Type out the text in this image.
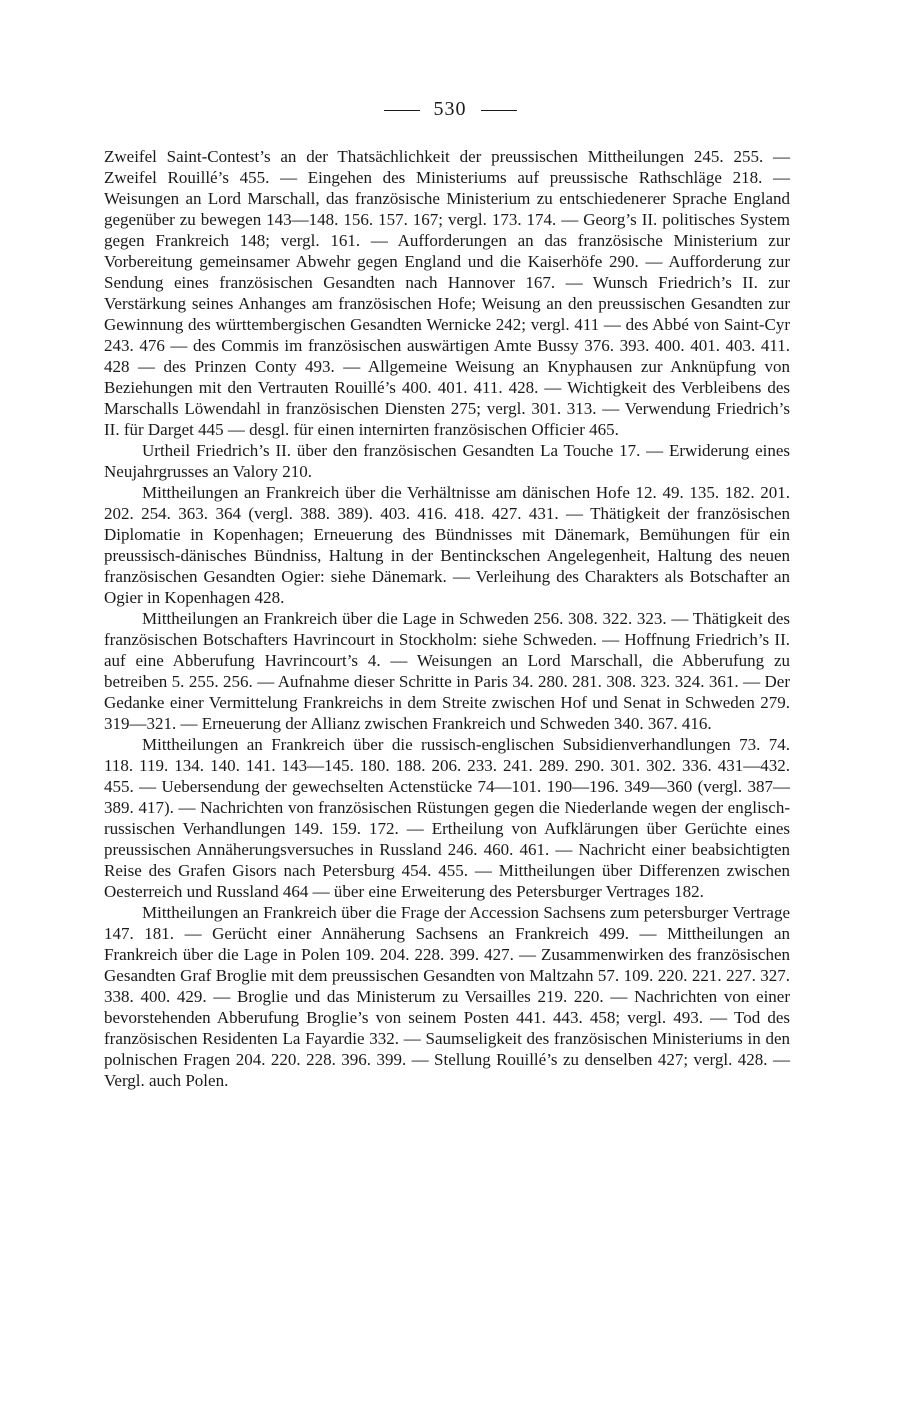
530

Zweifel Saint-Contest’s an der Thatsächlichkeit der preussischen Mittheilungen 245. 255. — Zweifel Rouillé’s 455. — Eingehen des Ministeriums auf preussische Rathschläge 218. — Weisungen an Lord Marschall, das französische Ministerium zu entschiedenerer Sprache England gegenüber zu bewegen 143—148. 156. 157. 167; vergl. 173. 174. — Georg’s II. politisches System gegen Frankreich 148; vergl. 161. — Aufforderungen an das französische Ministerium zur Vorbereitung gemeinsamer Abwehr gegen England und die Kaiserhöfe 290. — Aufforderung zur Sendung eines französischen Gesandten nach Hannover 167. — Wunsch Friedrich’s II. zur Verstärkung seines Anhanges am französischen Hofe; Weisung an den preussischen Gesandten zur Gewinnung des württembergischen Gesandten Wernicke 242; vergl. 411 — des Abbé von Saint-Cyr 243. 476 — des Commis im französischen auswärtigen Amte Bussy 376. 393. 400. 401. 403. 411. 428 — des Prinzen Conty 493. — Allgemeine Weisung an Knyphausen zur Anknüpfung von Beziehungen mit den Vertrauten Rouillé’s 400. 401. 411. 428. — Wichtigkeit des Verbleibens des Marschalls Löwendahl in französischen Diensten 275; vergl. 301. 313. — Verwendung Friedrich’s II. für Darget 445 — desgl. für einen internirten französischen Officier 465.

Urtheil Friedrich’s II. über den französischen Gesandten La Touche 17. — Erwiderung eines Neujahrgrusses an Valory 210.

Mittheilungen an Frankreich über die Verhältnisse am dänischen Hofe 12. 49. 135. 182. 201. 202. 254. 363. 364 (vergl. 388. 389). 403. 416. 418. 427. 431. — Thätigkeit der französischen Diplomatie in Kopenhagen; Erneuerung des Bündnisses mit Dänemark, Bemühungen für ein preussisch-dänisches Bündniss, Haltung in der Bentinckschen Angelegenheit, Haltung des neuen französischen Gesandten Ogier: siehe Dänemark. — Verleihung des Charakters als Botschafter an Ogier in Kopenhagen 428.

Mittheilungen an Frankreich über die Lage in Schweden 256. 308. 322. 323. — Thätigkeit des französischen Botschafters Havrincourt in Stockholm: siehe Schweden. — Hoffnung Friedrich’s II. auf eine Abberufung Havrincourt’s 4. — Weisungen an Lord Marschall, die Abberufung zu betreiben 5. 255. 256. — Aufnahme dieser Schritte in Paris 34. 280. 281. 308. 323. 324. 361. — Der Gedanke einer Vermittelung Frankreichs in dem Streite zwischen Hof und Senat in Schweden 279. 319—321. — Erneuerung der Allianz zwischen Frankreich und Schweden 340. 367. 416.

Mittheilungen an Frankreich über die russisch-englischen Subsidienverhandlungen 73. 74. 118. 119. 134. 140. 141. 143—145. 180. 188. 206. 233. 241. 289. 290. 301. 302. 336. 431—432. 455. — Uebersendung der gewechselten Actenstücke 74—101. 190—196. 349—360 (vergl. 387—389. 417). — Nachrichten von französischen Rüstungen gegen die Niederlande wegen der englisch-russischen Verhandlungen 149. 159. 172. — Ertheilung von Aufklärungen über Gerüchte eines preussischen Annäherungsversuches in Russland 246. 460. 461. — Nachricht einer beabsichtigten Reise des Grafen Gisors nach Petersburg 454. 455. — Mittheilungen über Differenzen zwischen Oesterreich und Russland 464 — über eine Erweiterung des Petersburger Vertrages 182.

Mittheilungen an Frankreich über die Frage der Accession Sachsens zum petersburger Vertrage 147. 181. — Gerücht einer Annäherung Sachsens an Frankreich 499. — Mittheilungen an Frankreich über die Lage in Polen 109. 204. 228. 399. 427. — Zusammenwirken des französischen Gesandten Graf Broglie mit dem preussischen Gesandten von Maltzahn 57. 109. 220. 221. 227. 327. 338. 400. 429. — Broglie und das Ministerum zu Versailles 219. 220. — Nachrichten von einer bevorstehenden Abberufung Broglie’s von seinem Posten 441. 443. 458; vergl. 493. — Tod des französischen Residenten La Fayardie 332. — Saumseligkeit des französischen Ministeriums in den polnischen Fragen 204. 220. 228. 396. 399. — Stellung Rouillé’s zu denselben 427; vergl. 428. — Vergl. auch Polen.
